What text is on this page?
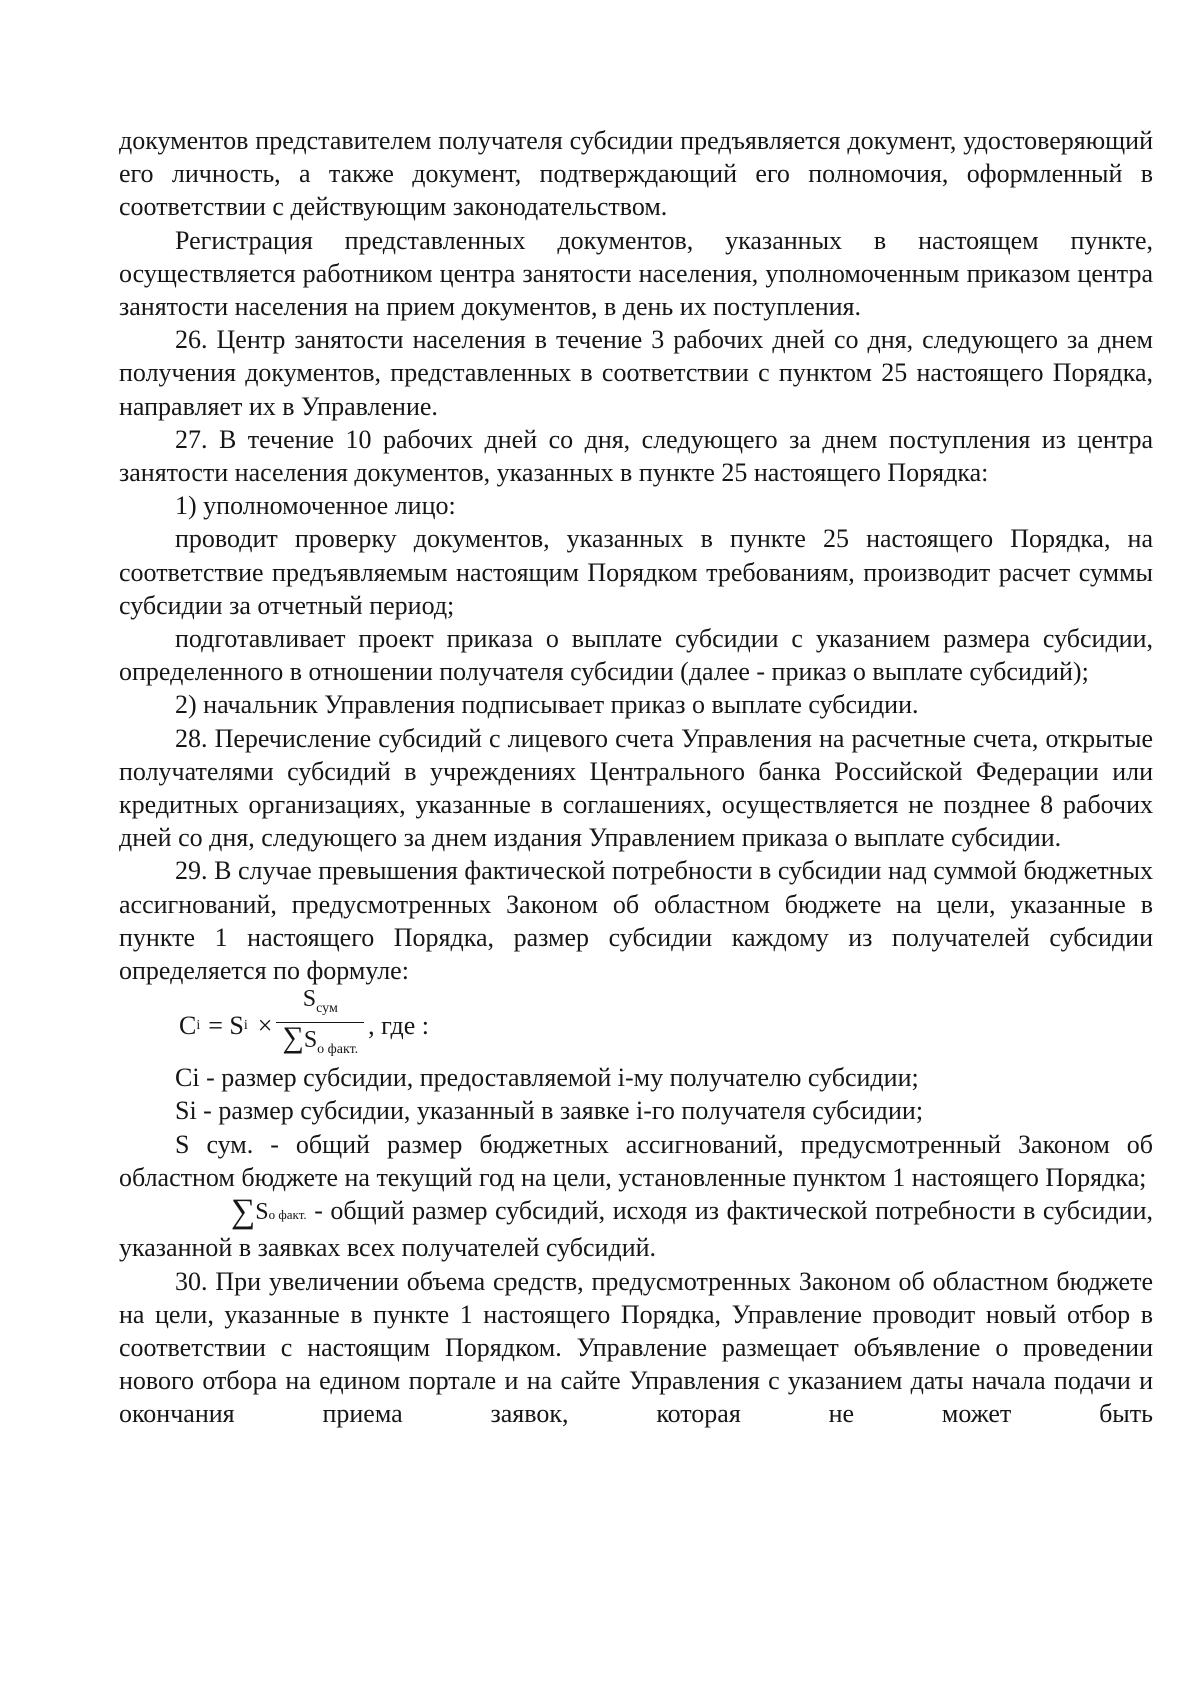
документов представителем получателя субсидии предъявляется документ, удостоверяющий его личность, а также документ, подтверждающий его полномочия, оформленный в соответствии с действующим законодательством.

Регистрация представленных документов, указанных в настоящем пункте, осуществляется работником центра занятости населения, уполномоченным приказом центра занятости населения на прием документов, в день их поступления.

26. Центр занятости населения в течение 3 рабочих дней со дня, следующего за днем получения документов, представленных в соответствии с пунктом 25 настоящего Порядка, направляет их в Управление.

27. В течение 10 рабочих дней со дня, следующего за днем поступления из центра занятости населения документов, указанных в пункте 25 настоящего Порядка:

1) уполномоченное лицо:

проводит проверку документов, указанных в пункте 25 настоящего Порядка, на соответствие предъявляемым настоящим Порядком требованиям, производит расчет суммы субсидии за отчетный период;

подготавливает проект приказа о выплате субсидии с указанием размера субсидии, определенного в отношении получателя субсидии (далее - приказ о выплате субсидий);

2) начальник Управления подписывает приказ о выплате субсидии.

28. Перечисление субсидий с лицевого счета Управления на расчетные счета, открытые получателями субсидий в учреждениях Центрального банка Российской Федерации или кредитных организациях, указанные в соглашениях, осуществляется не позднее 8 рабочих дней со дня, следующего за днем издания Управлением приказа о выплате субсидии.

29. В случае превышения фактической потребности в субсидии над суммой бюджетных ассигнований, предусмотренных Законом об областном бюджете на цели, указанные в пункте 1 настоящего Порядка, размер субсидии каждому из получателей субсидии определяется по формуле:

C i = S $i \times \frac{S_{сум}}{\sum S_{о факт.}}$ , где :

Ci - размер субсидии, предоставляемой i-му получателю субсидии;

Si - размер субсидии, указанный в заявке i-го получателя субсидии;

S сум. - общий размер бюджетных ассигнований, предусмотренный Законом об областном бюджете на текущий год на цели, установленные пунктом 1 настоящего Порядка;

∑Sо факт. - общий размер субсидий, исходя из фактической потребности в субсидии, указанной в заявках всех получателей субсидий.

30. При увеличении объема средств, предусмотренных Законом об областном бюджете на цели, указанные в пункте 1 настоящего Порядка, Управление проводит новый отбор в соответствии с настоящим Порядком. Управление размещает объявление о проведении нового отбора на едином портале и на сайте Управления с указанием даты начала подачи и окончания приема заявок, которая не может быть
